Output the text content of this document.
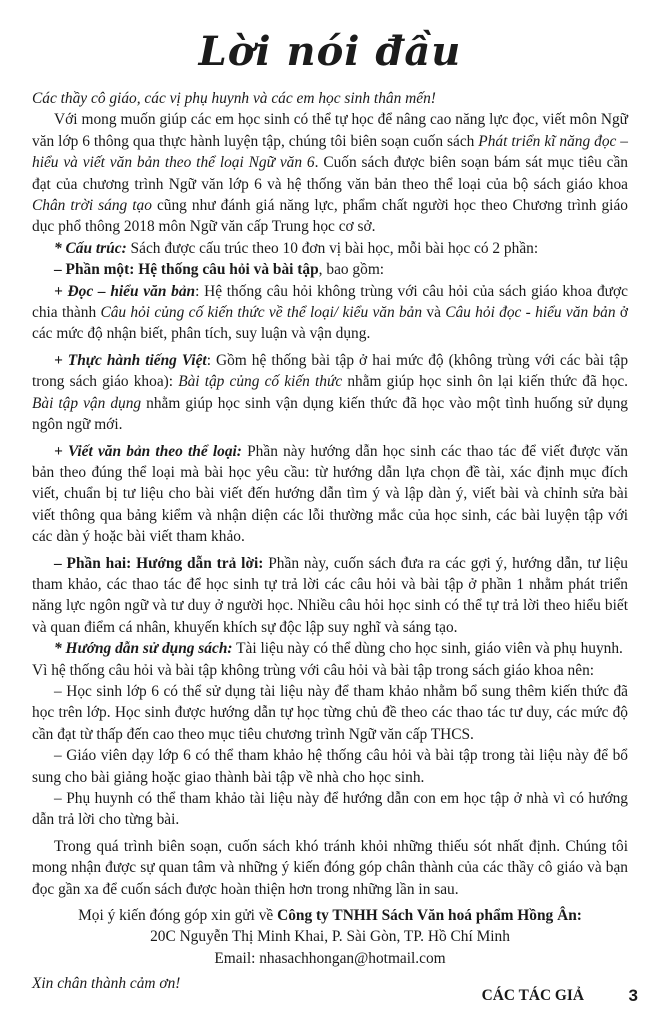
Lời nói đầu

Các thầy cô giáo, các vị phụ huynh và các em học sinh thân mến!

Với mong muốn giúp các em học sinh có thể tự học để nâng cao năng lực đọc, viết môn Ngữ văn lớp 6 thông qua thực hành luyện tập, chúng tôi biên soạn cuốn sách Phát triển kĩ năng đọc – hiểu và viết văn bản theo thể loại Ngữ văn 6. Cuốn sách được biên soạn bám sát mục tiêu cần đạt của chương trình Ngữ văn lớp 6 và hệ thống văn bản theo thể loại của bộ sách giáo khoa Chân trời sáng tạo cũng như đánh giá năng lực, phẩm chất người học theo Chương trình giáo dục phổ thông 2018 môn Ngữ văn cấp Trung học cơ sở.

* Cấu trúc: Sách được cấu trúc theo 10 đơn vị bài học, mỗi bài học có 2 phần:

– Phần một: Hệ thống câu hỏi và bài tập, bao gồm:

+ Đọc – hiểu văn bản: Hệ thống câu hỏi không trùng với câu hỏi của sách giáo khoa được chia thành Câu hỏi củng cố kiến thức về thể loại/ kiểu văn bản và Câu hỏi đọc - hiểu văn bản ở các mức độ nhận biết, phân tích, suy luận và vận dụng.

+ Thực hành tiếng Việt: Gồm hệ thống bài tập ở hai mức độ (không trùng với các bài tập trong sách giáo khoa): Bài tập củng cố kiến thức nhằm giúp học sinh ôn lại kiến thức đã học. Bài tập vận dụng nhằm giúp học sinh vận dụng kiến thức đã học vào một tình huống sử dụng ngôn ngữ mới.

+ Viết văn bản theo thể loại: Phần này hướng dẫn học sinh các thao tác để viết được văn bản theo đúng thể loại mà bài học yêu cầu: từ hướng dẫn lựa chọn đề tài, xác định mục đích viết, chuẩn bị tư liệu cho bài viết đến hướng dẫn tìm ý và lập dàn ý, viết bài và chỉnh sửa bài viết thông qua bảng kiểm và nhận diện các lỗi thường mắc của học sinh, các bài luyện tập với các dàn ý hoặc bài viết tham khảo.

– Phần hai: Hướng dẫn trả lời: Phần này, cuốn sách đưa ra các gợi ý, hướng dẫn, tư liệu tham khảo, các thao tác để học sinh tự trả lời các câu hỏi và bài tập ở phần 1 nhằm phát triển năng lực ngôn ngữ và tư duy ở người học. Nhiều câu hỏi học sinh có thể tự trả lời theo hiểu biết và quan điểm cá nhân, khuyến khích sự độc lập suy nghĩ và sáng tạo.

* Hướng dẫn sử dụng sách: Tài liệu này có thể dùng cho học sinh, giáo viên và phụ huynh.

Vì hệ thống câu hỏi và bài tập không trùng với câu hỏi và bài tập trong sách giáo khoa nên:

– Học sinh lớp 6 có thể sử dụng tài liệu này để tham khảo nhằm bổ sung thêm kiến thức đã học trên lớp. Học sinh được hướng dẫn tự học từng chủ đề theo các thao tác tư duy, các mức độ cần đạt từ thấp đến cao theo mục tiêu chương trình Ngữ văn cấp THCS.

– Giáo viên dạy lớp 6 có thể tham khảo hệ thống câu hỏi và bài tập trong tài liệu này để bổ sung cho bài giảng hoặc giao thành bài tập về nhà cho học sinh.

– Phụ huynh có thể tham khảo tài liệu này để hướng dẫn con em học tập ở nhà vì có hướng dẫn trả lời cho từng bài.

Trong quá trình biên soạn, cuốn sách khó tránh khỏi những thiếu sót nhất định. Chúng tôi mong nhận được sự quan tâm và những ý kiến đóng góp chân thành của các thầy cô giáo và bạn đọc gần xa để cuốn sách được hoàn thiện hơn trong những lần in sau.

Mọi ý kiến đóng góp xin gửi về Công ty TNHH Sách Văn hoá phẩm Hồng Ân:

20C Nguyễn Thị Minh Khai, P. Sài Gòn, TP. Hồ Chí Minh

Email: nhasachhongan@hotmail.com

Xin chân thành cảm ơn!
CÁC TÁC GIẢ	3
